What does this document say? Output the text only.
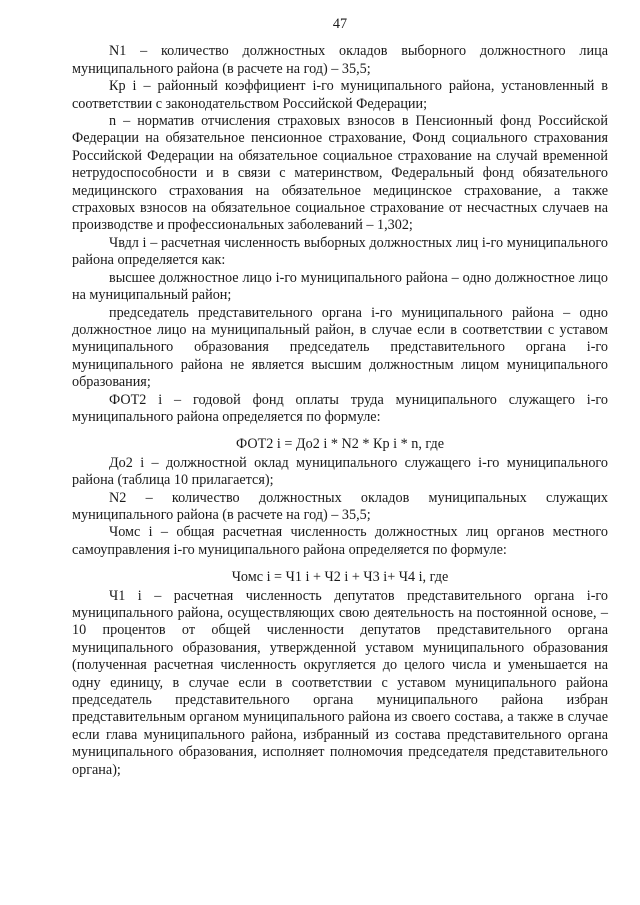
47

N1 – количество должностных окладов выборного должностного лица муниципального района (в расчете на год) – 35,5;

Кр i – районный коэффициент i-го муниципального района, установленный в соответствии с законодательством Российской Федерации;

n – норматив отчисления страховых взносов в Пенсионный фонд Российской Федерации на обязательное пенсионное страхование, Фонд социального страхования Российской Федерации на обязательное социальное страхование на случай временной нетрудоспособности и в связи с материнством, Федеральный фонд обязательного медицинского страхования на обязательное медицинское страхование, а также страховых взносов на обязательное социальное страхование от несчастных случаев на производстве и профессиональных заболеваний – 1,302;

Чвдл i – расчетная численность выборных должностных лиц i-го муниципального района определяется как:

высшее должностное лицо i-го муниципального района – одно должностное лицо на муниципальный район;

председатель представительного органа i-го муниципального района – одно должностное лицо на муниципальный район, в случае если в соответствии с уставом муниципального образования председатель представительного органа i-го муниципального района не является высшим должностным лицом муниципального образования;

ФОТ2 i – годовой фонд оплаты труда муниципального служащего i-го муниципального района определяется по формуле:

ФОТ2 i = До2 i * N2 * Кр i * n, где

До2 i – должностной оклад муниципального служащего i-го муниципального района (таблица 10 прилагается);

N2 – количество должностных окладов муниципальных служащих муниципального района (в расчете на год) – 35,5;

Чомс i – общая расчетная численность должностных лиц органов местного самоуправления i-го муниципального района определяется по формуле:

Чомс i = Ч1 i + Ч2 i + Ч3 i+ Ч4 i, где

Ч1 i – расчетная численность депутатов представительного органа i-го муниципального района, осуществляющих свою деятельность на постоянной основе, – 10 процентов от общей численности депутатов представительного органа муниципального образования, утвержденной уставом муниципального образования (полученная расчетная численность округляется до целого числа и уменьшается на одну единицу, в случае если в соответствии с уставом муниципального района председатель представительного органа муниципального района избран представительным органом муниципального района из своего состава, а также в случае если глава муниципального района, избранный из состава представительного органа муниципального образования, исполняет полномочия председателя представительного органа);
